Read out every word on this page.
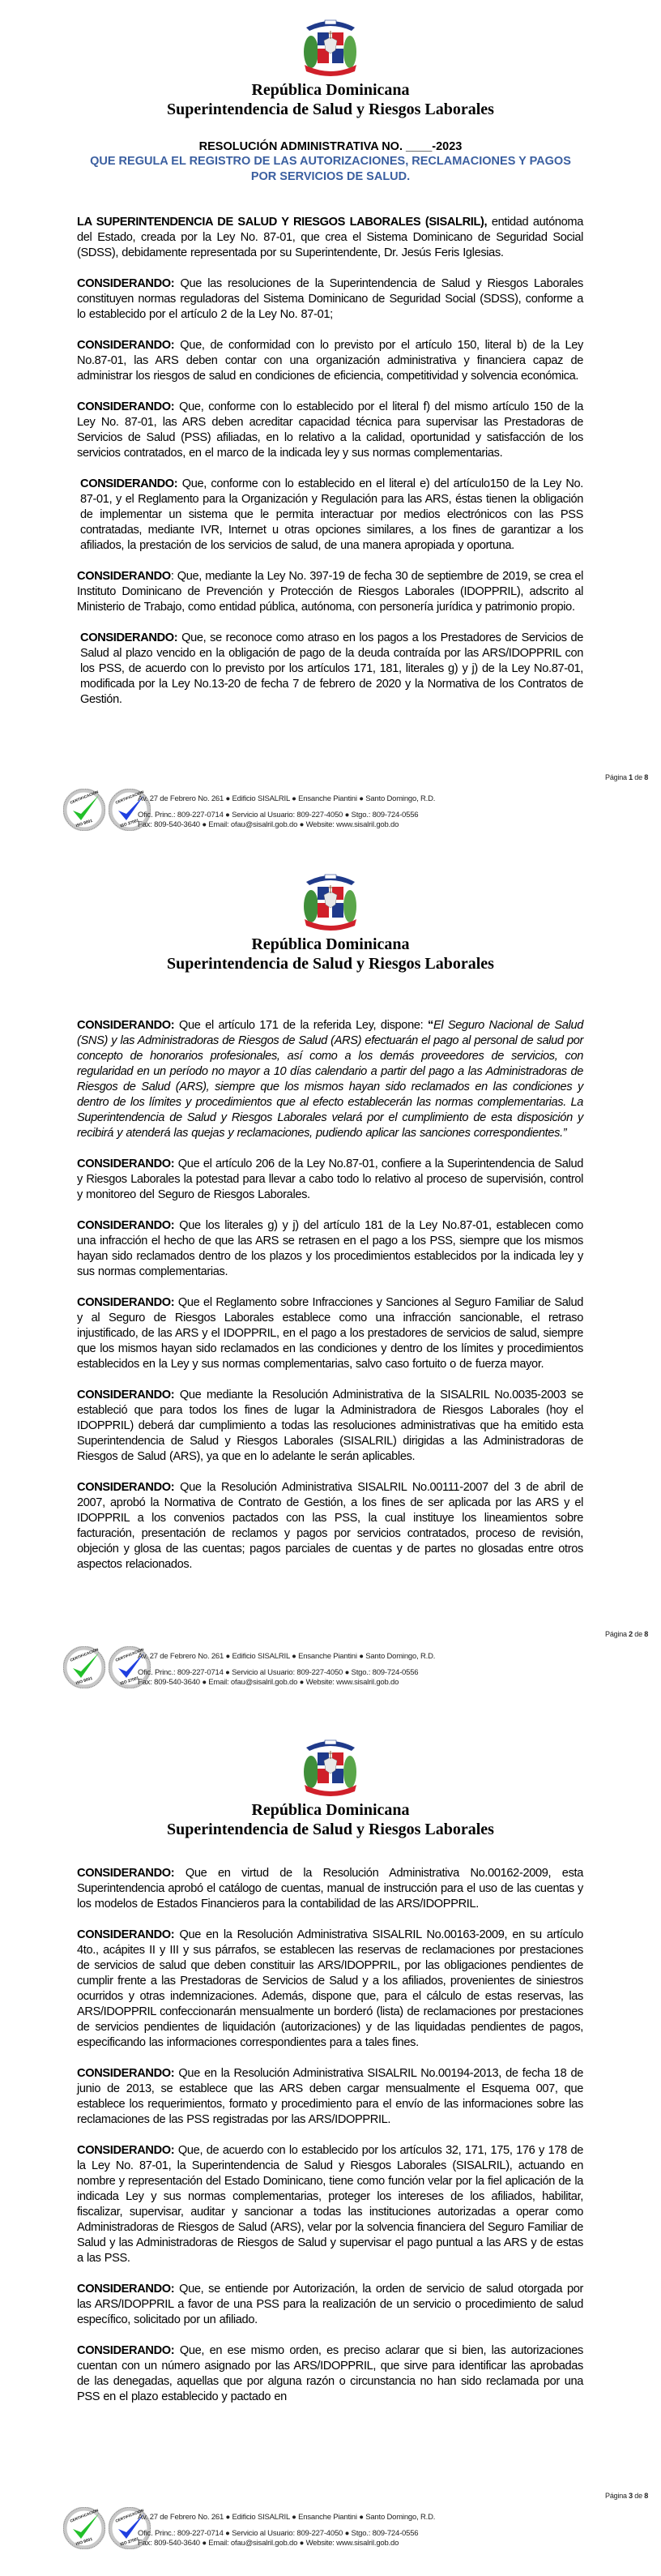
República Dominicana
Superintendencia de Salud y Riesgos Laborales
RESOLUCIÓN ADMINISTRATIVA NO. ____-2023
QUE REGULA EL REGISTRO DE LAS AUTORIZACIONES, RECLAMACIONES Y PAGOS POR SERVICIOS DE SALUD.

LA SUPERINTENDENCIA DE SALUD Y RIESGOS LABORALES (SISALRIL), entidad autónoma del Estado, creada por la Ley No. 87-01, que crea el Sistema Dominicano de Seguridad Social (SDSS), debidamente representada por su Superintendente, Dr. Jesús Feris Iglesias.

CONSIDERANDO: Que las resoluciones de la Superintendencia de Salud y Riesgos Laborales constituyen normas reguladoras del Sistema Dominicano de Seguridad Social (SDSS), conforme a lo establecido por el artículo 2 de la Ley No. 87-01;

CONSIDERANDO: Que, de conformidad con lo previsto por el artículo 150, literal b) de la Ley No.87-01, las ARS deben contar con una organización administrativa y financiera capaz de administrar los riesgos de salud en condiciones de eficiencia, competitividad y solvencia económica.

CONSIDERANDO: Que, conforme con lo establecido por el literal f) del mismo artículo 150 de la Ley No. 87-01, las ARS deben acreditar capacidad técnica para supervisar las Prestadoras de Servicios de Salud (PSS) afiliadas, en lo relativo a la calidad, oportunidad y satisfacción de los servicios contratados, en el marco de la indicada ley y sus normas complementarias.

CONSIDERANDO: Que, conforme con lo establecido en el literal e) del artículo150 de la Ley No. 87-01, y el Reglamento para la Organización y Regulación para las ARS, éstas tienen la obligación de implementar un sistema que le permita interactuar por medios electrónicos con las PSS contratadas, mediante IVR, Internet u otras opciones similares, a los fines de garantizar a los afiliados, la prestación de los servicios de salud, de una manera apropiada y oportuna.

CONSIDERANDO: Que, mediante la Ley No. 397-19 de fecha 30 de septiembre de 2019, se crea el Instituto Dominicano de Prevención y Protección de Riesgos Laborales (IDOPPRIL), adscrito al Ministerio de Trabajo, como entidad pública, autónoma, con personería jurídica y patrimonio propio.

CONSIDERANDO: Que, se reconoce como atraso en los pagos a los Prestadores de Servicios de Salud al plazo vencido en la obligación de pago de la deuda contraída por las ARS/IDOPPRIL con los PSS, de acuerdo con lo previsto por los artículos 171, 181, literales g) y j) de la Ley No.87-01, modificada por la Ley No.13-20 de fecha 7 de febrero de 2020 y la Normativa de los Contratos de Gestión.

Página 1 de 8
CERTIFICACIÓN
ISO 9001
CERTIFICACIÓN
ISO 27001
Av. 27 de Febrero No. 261 ● Edificio SISALRIL ● Ensanche Piantini ● Santo Domingo, R.D.
Ofic. Princ.: 809-227-0714 ● Servicio al Usuario: 809-227-4050 ● Stgo.: 809-724-0556
Fax: 809-540-3640 ● Email: ofau@sisalril.gob.do ● Website: www.sisalril.gob.do
República Dominicana
Superintendencia de Salud y Riesgos Laborales

CONSIDERANDO: Que el artículo 171 de la referida Ley, dispone: “El Seguro Nacional de Salud (SNS) y las Administradoras de Riesgos de Salud (ARS) efectuarán el pago al personal de salud por concepto de honorarios profesionales, así como a los demás proveedores de servicios, con regularidad en un período no mayor a 10 días calendario a partir del pago a las Administradoras de Riesgos de Salud (ARS), siempre que los mismos hayan sido reclamados en las condiciones y dentro de los límites y procedimientos que al efecto establecerán las normas complementarias. La Superintendencia de Salud y Riesgos Laborales velará por el cumplimiento de esta disposición y recibirá y atenderá las quejas y reclamaciones, pudiendo aplicar las sanciones correspondientes.”

CONSIDERANDO: Que el artículo 206 de la Ley No.87-01, confiere a la Superintendencia de Salud y Riesgos Laborales la potestad para llevar a cabo todo lo relativo al proceso de supervisión, control y monitoreo del Seguro de Riesgos Laborales.

CONSIDERANDO: Que los literales g) y j) del artículo 181 de la Ley No.87-01, establecen como una infracción el hecho de que las ARS se retrasen en el pago a los PSS, siempre que los mismos hayan sido reclamados dentro de los plazos y los procedimientos establecidos por la indicada ley y sus normas complementarias.

CONSIDERANDO: Que el Reglamento sobre Infracciones y Sanciones al Seguro Familiar de Salud y al Seguro de Riesgos Laborales establece como una infracción sancionable, el retraso injustificado, de las ARS y el IDOPPRIL, en el pago a los prestadores de servicios de salud, siempre que los mismos hayan sido reclamados en las condiciones y dentro de los límites y procedimientos establecidos en la Ley y sus normas complementarias, salvo caso fortuito o de fuerza mayor.

CONSIDERANDO: Que mediante la Resolución Administrativa de la SISALRIL No.0035-2003 se estableció que para todos los fines de lugar la Administradora de Riesgos Laborales (hoy el IDOPPRIL) deberá dar cumplimiento a todas las resoluciones administrativas que ha emitido esta Superintendencia de Salud y Riesgos Laborales (SISALRIL) dirigidas a las Administradoras de Riesgos de Salud (ARS), ya que en lo adelante le serán aplicables.

CONSIDERANDO: Que la Resolución Administrativa SISALRIL No.00111-2007 del 3 de abril de 2007, aprobó la Normativa de Contrato de Gestión, a los fines de ser aplicada por las ARS y el IDOPPRIL a los convenios pactados con las PSS, la cual instituye los lineamientos sobre facturación, presentación de reclamos y pagos por servicios contratados, proceso de revisión, objeción y glosa de las cuentas; pagos parciales de cuentas y de partes no glosadas entre otros aspectos relacionados.

Página 2 de 8
CERTIFICACIÓN
ISO 9001
CERTIFICACIÓN
ISO 27001
Av. 27 de Febrero No. 261 ● Edificio SISALRIL ● Ensanche Piantini ● Santo Domingo, R.D.
Ofic. Princ.: 809-227-0714 ● Servicio al Usuario: 809-227-4050 ● Stgo.: 809-724-0556
Fax: 809-540-3640 ● Email: ofau@sisalril.gob.do ● Website: www.sisalril.gob.do
República Dominicana
Superintendencia de Salud y Riesgos Laborales

CONSIDERANDO: Que en virtud de la Resolución Administrativa No.00162-2009, esta Superintendencia aprobó el catálogo de cuentas, manual de instrucción para el uso de las cuentas y los modelos de Estados Financieros para la contabilidad de las ARS/IDOPPRIL.

CONSIDERANDO: Que en la Resolución Administrativa SISALRIL No.00163-2009, en su artículo 4to., acápites II y III y sus párrafos, se establecen las reservas de reclamaciones por prestaciones de servicios de salud que deben constituir las ARS/IDOPPRIL, por las obligaciones pendientes de cumplir frente a las Prestadoras de Servicios de Salud y a los afiliados, provenientes de siniestros ocurridos y otras indemnizaciones. Además, dispone que, para el cálculo de estas reservas, las ARS/IDOPPRIL confeccionarán mensualmente un borderó (lista) de reclamaciones por prestaciones de servicios pendientes de liquidación (autorizaciones) y de las liquidadas pendientes de pagos, especificando las informaciones correspondientes para a tales fines.

CONSIDERANDO: Que en la Resolución Administrativa SISALRIL No.00194-2013, de fecha 18 de junio de 2013, se establece que las ARS deben cargar mensualmente el Esquema 007, que establece los requerimientos, formato y procedimiento para el envío de las informaciones sobre las reclamaciones de las PSS registradas por las ARS/IDOPPRIL.

CONSIDERANDO: Que, de acuerdo con lo establecido por los artículos 32, 171, 175, 176 y 178 de la Ley No. 87-01, la Superintendencia de Salud y Riesgos Laborales (SISALRIL), actuando en nombre y representación del Estado Dominicano, tiene como función velar por la fiel aplicación de la indicada Ley y sus normas complementarias, proteger los intereses de los afiliados, habilitar, fiscalizar, supervisar, auditar y sancionar a todas las instituciones autorizadas a operar como Administradoras de Riesgos de Salud (ARS), velar por la solvencia financiera del Seguro Familiar de Salud y las Administradoras de Riesgos de Salud y supervisar el pago puntual a las ARS y de estas a las PSS.

CONSIDERANDO: Que, se entiende por Autorización, la orden de servicio de salud otorgada por las ARS/IDOPPRIL a favor de una PSS para la realización de un servicio o procedimiento de salud específico, solicitado por un afiliado.

CONSIDERANDO: Que, en ese mismo orden, es preciso aclarar que si bien, las autorizaciones cuentan con un número asignado por las ARS/IDOPPRIL, que sirve para identificar las aprobadas de las denegadas, aquellas que por alguna razón o circunstancia no han sido reclamada por una PSS en el plazo establecido y pactado en

Página 3 de 8
CERTIFICACIÓN
ISO 9001
CERTIFICACIÓN
ISO 27001
Av. 27 de Febrero No. 261 ● Edificio SISALRIL ● Ensanche Piantini ● Santo Domingo, R.D.
Ofic. Princ.: 809-227-0714 ● Servicio al Usuario: 809-227-4050 ● Stgo.: 809-724-0556
Fax: 809-540-3640 ● Email: ofau@sisalril.gob.do ● Website: www.sisalril.gob.do
